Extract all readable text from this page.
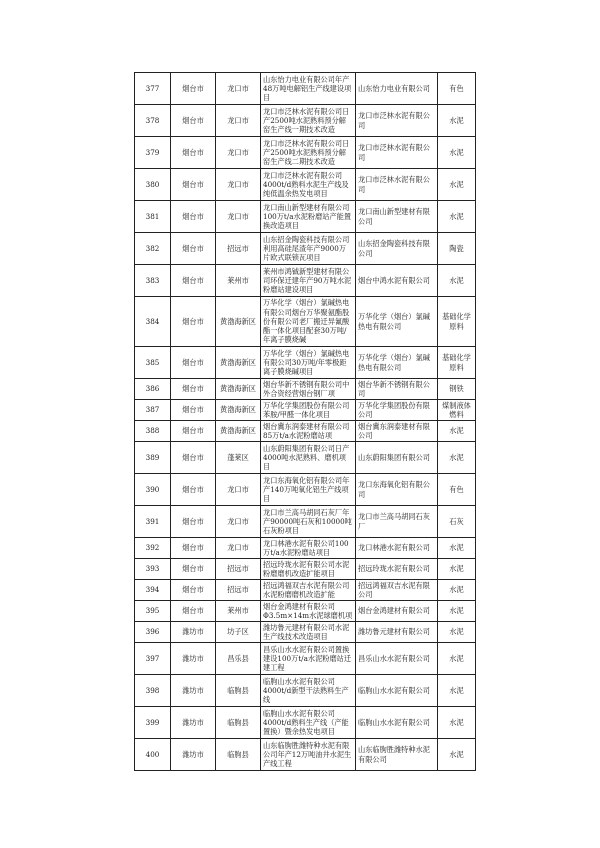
377	烟台市	龙口市	山东怡力电业有限公司年产48万吨电解铝生产线建设项目	山东怡力电业有限公司	有色
378	烟台市	龙口市	龙口市泛林水泥有限公司日产2500吨水泥熟料预分解窑生产线一期技术改造	龙口市泛林水泥有限公司	水泥
379	烟台市	龙口市	龙口市泛林水泥有限公司日产2500吨水泥熟料预分解窑生产线二期技术改造	龙口市泛林水泥有限公司	水泥
380	烟台市	龙口市	龙口市泛林水泥有限公司4000t/d熟料水泥生产线及纯低温余热发电项目	龙口市泛林水泥有限公司	水泥
381	烟台市	龙口市	龙口南山新型建材有限公司100万t/a水泥粉磨站产能置换改造项目	龙口南山新型建材有限公司	水泥
382	烟台市	招远市	山东招金陶瓷科技有限公司利用高硅尾渣年产9000万片欧式联锁瓦项目	山东招金陶瓷科技有限公司	陶瓷
383	烟台市	莱州市	莱州市鸿铖新型建材有限公司环保迁建年产90万吨水泥粉磨站建设项目	烟台中鸿水泥有限公司	水泥
384	烟台市	黄渤海新区	万华化学（烟台）氯碱热电有限公司烟台万华聚氨酯股份有限公司老厂搬迁异氰酸酯一体化项目配套30万吨/年离子膜烧碱	万华化学（烟台）氯碱热电有限公司	基础化学原料
385	烟台市	黄渤海新区	万华化学（烟台）氯碱热电有限公司30万吨/年零极距离子膜烧碱项目	万华化学（烟台）氯碱热电有限公司	基础化学原料
386	烟台市	黄渤海新区	烟台华新不锈钢有限公司中外合资经营烟台钢厂项	烟台华新不锈钢有限公司	钢铁
387	烟台市	黄渤海新区	万华化学集团股份有限公司苯胺/甲醛一体化项目	万华化学集团股份有限公司	煤制液体燃料
388	烟台市	黄渤海新区	烟台冀东润泰建材有限公司85万t/a水泥粉磨站项	烟台冀东润泰建材有限公司	水泥
389	烟台市	蓬莱区	山东蔚阳集团有限公司日产4000吨水泥熟料、磨机项目	山东蔚阳集团有限公司	水泥
390	烟台市	龙口市	龙口东海氧化铝有限公司年产140万吨氧化铝生产线项目	龙口东海氧化铝有限公司	有色
391	烟台市	龙口市	龙口市兰高马胡同石灰厂年产90000吨石灰和10000吨石灰粉项目	龙口市兰高马胡同石灰厂	石灰
392	烟台市	龙口市	龙口林港水泥有限公司100万t/a水泥粉磨站项目	龙口林港水泥有限公司	水泥
393	烟台市	招远市	招远玲珑水泥有限公司水泥粉磨磨机改造扩能项目	招远玲珑水泥有限公司	水泥
394	烟台市	招远市	招远鸿福双吉水泥有限公司水泥粉磨磨机改造扩能	招远鸿福双吉水泥有限公司	水泥
395	烟台市	莱州市	烟台金鸿建材有限公司Φ3.5m×14m水泥球磨机项	烟台金鸿建材有限公司	水泥
396	潍坊市	坊子区	潍坊鲁元建材有限公司水泥生产线技术改造项目	潍坊鲁元建材有限公司	水泥
397	潍坊市	昌乐县	昌乐山水水泥有限公司置换建设100万t/a水泥粉磨站迁建工程	昌乐山水水泥有限公司	水泥
398	潍坊市	临朐县	临朐山水水泥有限公司4000t/d新型干法熟料生产线	临朐山水水泥有限公司	水泥
399	潍坊市	临朐县	临朐山水水泥有限公司4000t/d熟料生产线（产能置换）暨余热发电项目	临朐山水水泥有限公司	水泥
400	潍坊市	临朐县	山东临朐胜潍特种水泥有限公司年产12万吨油井水泥生产线工程	山东临朐胜潍特种水泥有限公司	水泥
